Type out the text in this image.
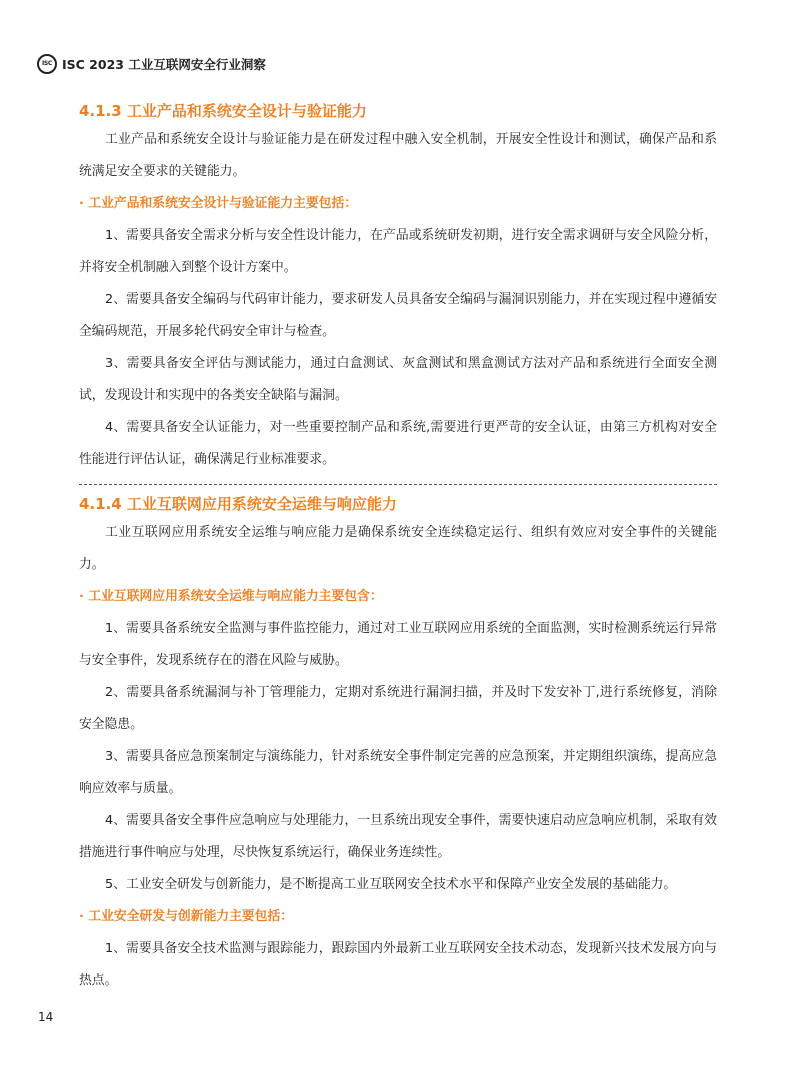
ISC ISC 2023 工业互联网安全行业洞察
4.1.3 工业产品和系统安全设计与验证能力

工业产品和系统安全设计与验证能力是在研发过程中融入安全机制，开展安全性设计和测试，确保产品和系统满足安全要求的关键能力。

· 工业产品和系统安全设计与验证能力主要包括：

1、需要具备安全需求分析与安全性设计能力，在产品或系统研发初期，进行安全需求调研与安全风险分析，并将安全机制融入到整个设计方案中。

2、需要具备安全编码与代码审计能力，要求研发人员具备安全编码与漏洞识别能力，并在实现过程中遵循安全编码规范，开展多轮代码安全审计与检查。

3、需要具备安全评估与测试能力，通过白盒测试、灰盒测试和黑盒测试方法对产品和系统进行全面安全测试，发现设计和实现中的各类安全缺陷与漏洞。

4、需要具备安全认证能力，对一些重要控制产品和系统,需要进行更严苛的安全认证，由第三方机构对安全性能进行评估认证，确保满足行业标准要求。

4.1.4 工业互联网应用系统安全运维与响应能力

工业互联网应用系统安全运维与响应能力是确保系统安全连续稳定运行、组织有效应对安全事件的关键能力。

· 工业互联网应用系统安全运维与响应能力主要包含：

1、需要具备系统安全监测与事件监控能力，通过对工业互联网应用系统的全面监测，实时检测系统运行异常与安全事件，发现系统存在的潜在风险与威胁。

2、需要具备系统漏洞与补丁管理能力，定期对系统进行漏洞扫描，并及时下发安补丁,进行系统修复，消除安全隐患。

3、需要具备应急预案制定与演练能力，针对系统安全事件制定完善的应急预案，并定期组织演练，提高应急响应效率与质量。

4、需要具备安全事件应急响应与处理能力，一旦系统出现安全事件，需要快速启动应急响应机制，采取有效措施进行事件响应与处理，尽快恢复系统运行，确保业务连续性。

5、工业安全研发与创新能力，是不断提高工业互联网安全技术水平和保障产业安全发展的基础能力。

· 工业安全研发与创新能力主要包括：

1、需要具备安全技术监测与跟踪能力，跟踪国内外最新工业互联网安全技术动态，发现新兴技术发展方向与热点。

14
